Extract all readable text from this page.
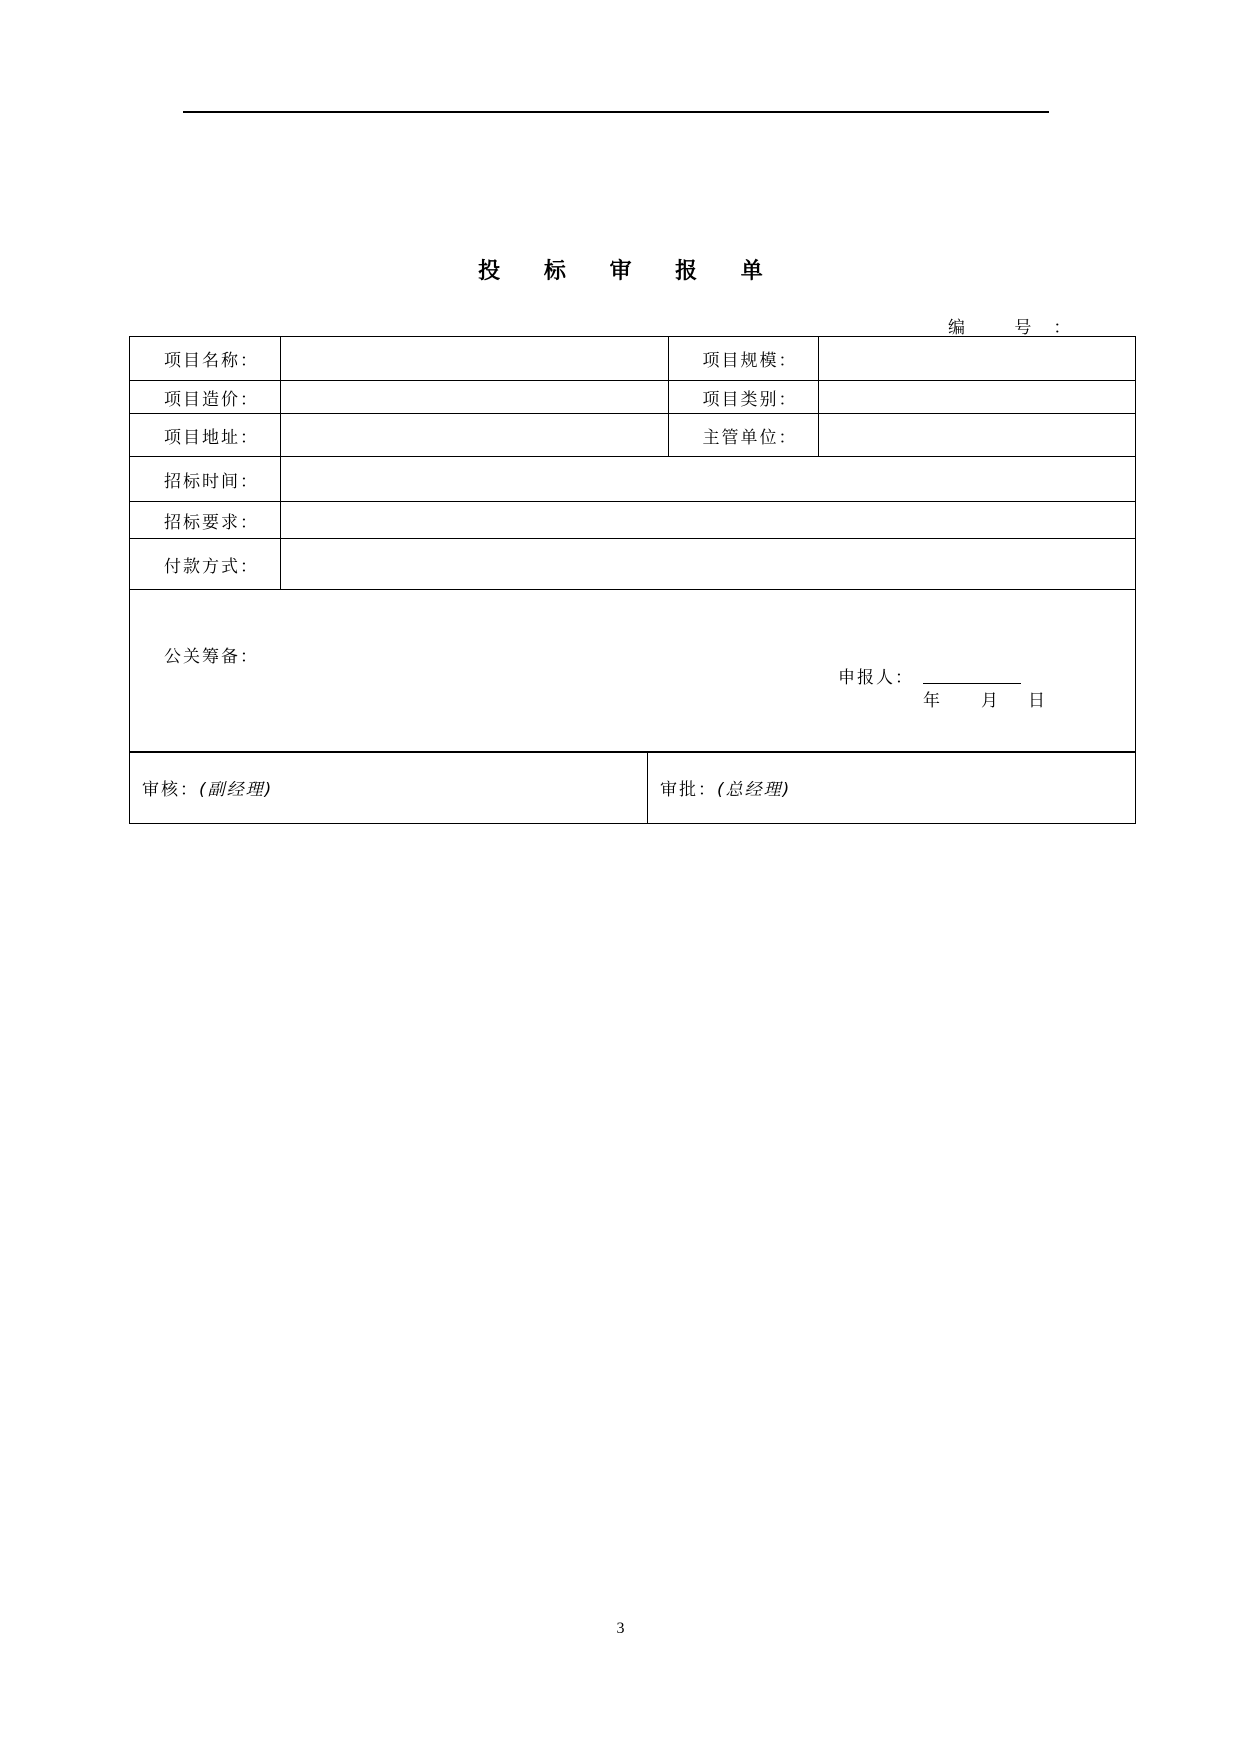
投 标 审 报 单
编 号：
项目名称：		项目规模：	
项目造价：		项目类别：	
项目地址：		主管单位：	
招标时间：			
招标要求：			
付款方式：			

公关筹备：
申报人：
年 月 日			
审核：(副经理)	审批：(总经理)
3
